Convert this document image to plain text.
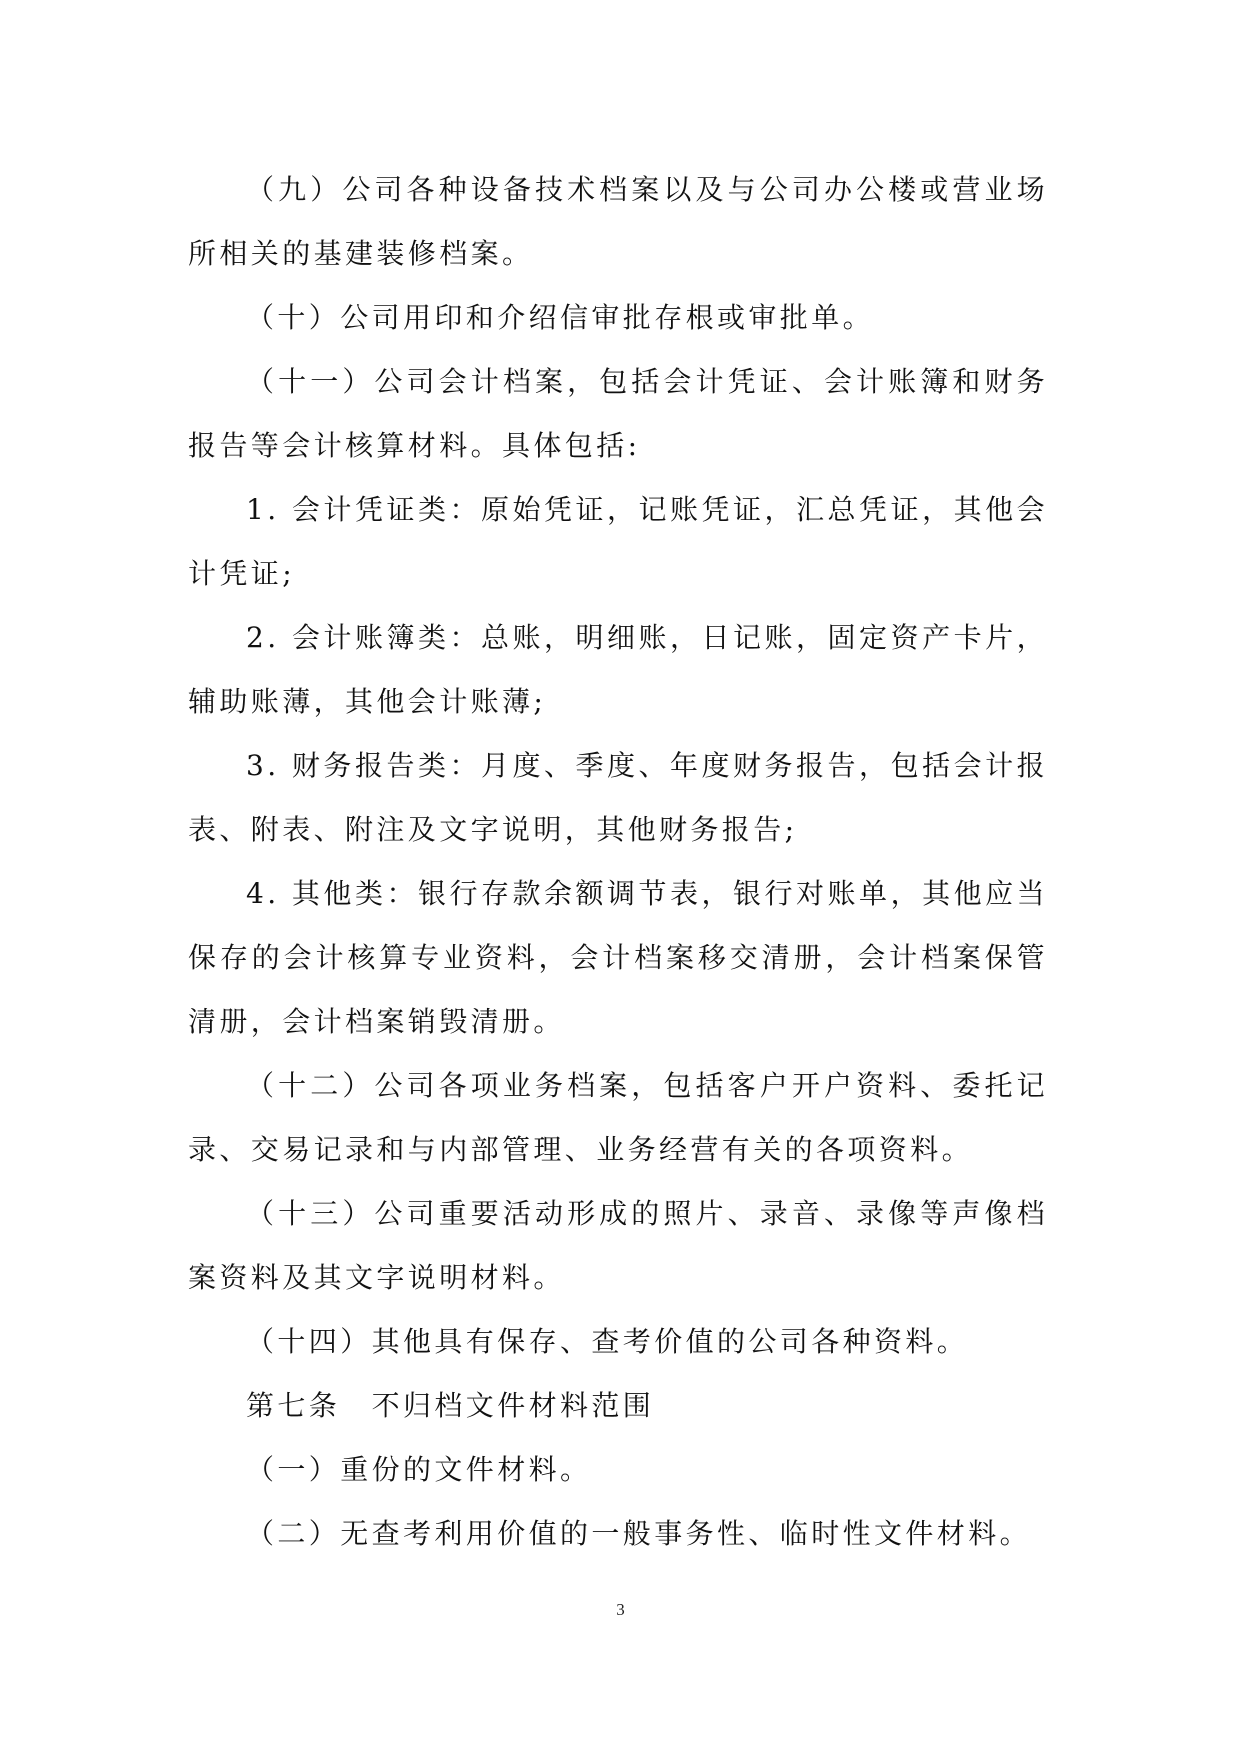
（九）公司各种设备技术档案以及与公司办公楼或营业场所相关的基建装修档案。

（十）公司用印和介绍信审批存根或审批单。

（十一）公司会计档案，包括会计凭证、会计账簿和财务报告等会计核算材料。具体包括:

1. 会计凭证类：原始凭证，记账凭证，汇总凭证，其他会计凭证;

2. 会计账簿类：总账，明细账，日记账，固定资产卡片，辅助账薄，其他会计账薄;

3. 财务报告类：月度、季度、年度财务报告，包括会计报表、附表、附注及文字说明，其他财务报告;

4. 其他类：银行存款余额调节表，银行对账单，其他应当保存的会计核算专业资料，会计档案移交清册，会计档案保管清册，会计档案销毁清册。

（十二）公司各项业务档案，包括客户开户资料、委托记录、交易记录和与内部管理、业务经营有关的各项资料。

（十三）公司重要活动形成的照片、录音、录像等声像档案资料及其文字说明材料。

（十四）其他具有保存、查考价值的公司各种资料。

第七条　不归档文件材料范围

（一）重份的文件材料。

（二）无查考利用价值的一般事务性、临时性文件材料。

3
